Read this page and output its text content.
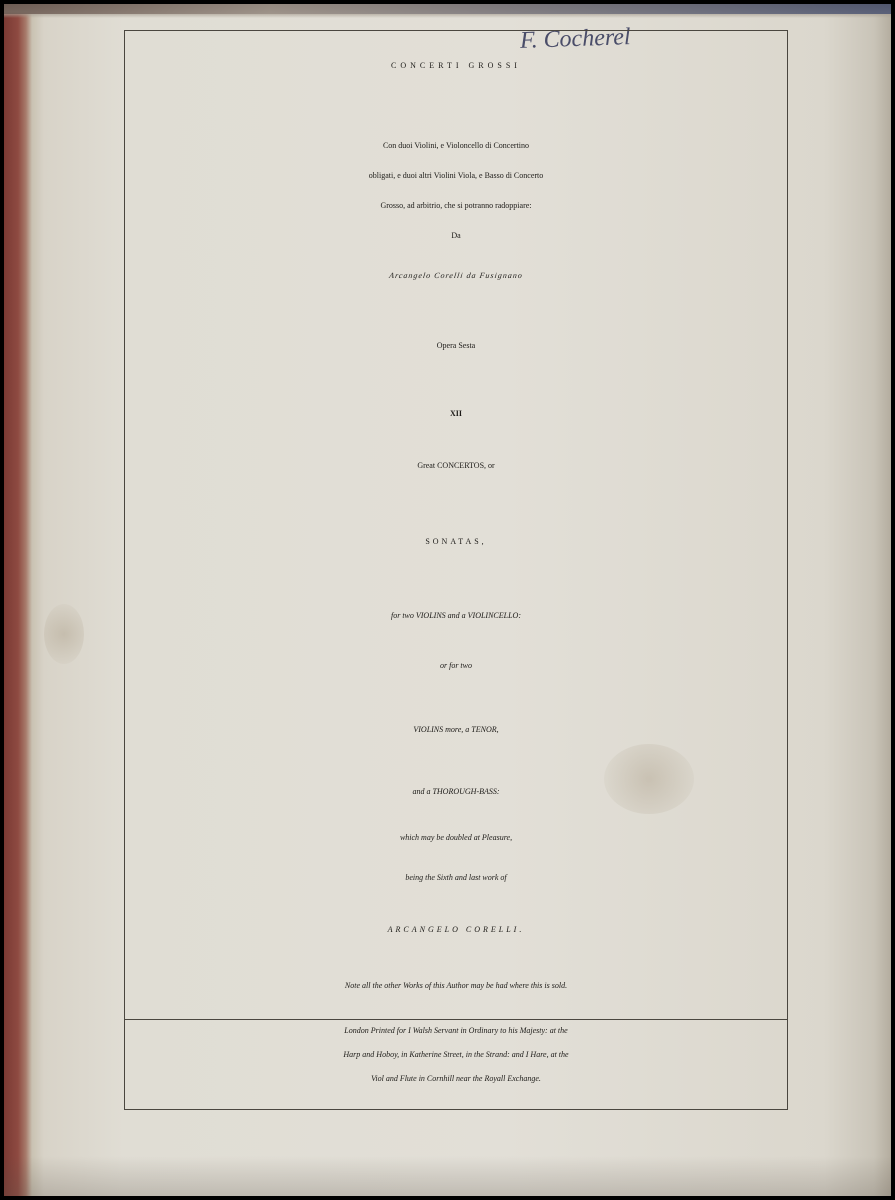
F. Cocherel
CONCERTI GROSSI
Con duoi Violini, e Violoncello di Concertino
obligati, e duoi altri Violini Viola, e Basso di Concerto
Grosso, ad arbitrio, che si potranno radoppiare:
Da
Arcangelo Corelli da Fusignano
Opera Sesta
XII
Great CONCERTOS, or
SONATAS,
for two VIOLINS and a VIOLINCELLO:
or for two
VIOLINS more, a TENOR,
and a THOROUGH-BASS:
which may be doubled at Pleasure,
being the Sixth and last work of
ARCANGELO CORELLI.
Note all the other Works of this Author may be had where this is sold.
London Printed for I Walsh Servant in Ordinary to his Majesty: at the
Harp and Hoboy, in Katherine Street, in the Strand: and I Hare, at the
Viol and Flute in Cornhill near the Royall Exchange.
